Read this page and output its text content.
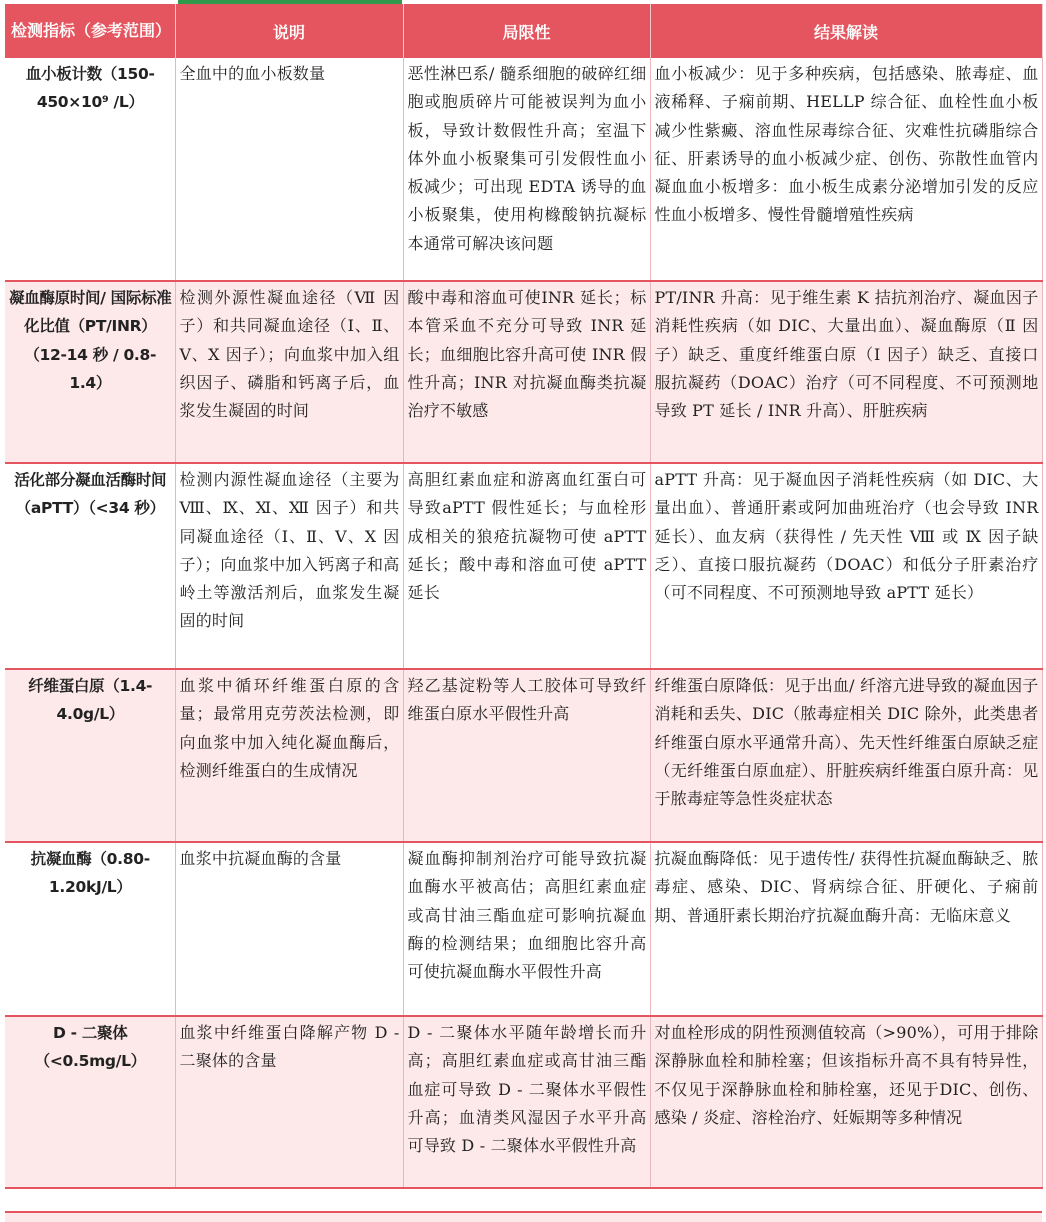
检测指标（参考范围）	说明	局限性	结果解读
血小板计数（150-450×10⁹ /L）	全血中的血小板数量	恶性淋巴系/ 髓系细胞的破碎红细胞或胞质碎片可能被误判为血小板，导致计数假性升高；室温下体外血小板聚集可引发假性血小板减少；可出现 EDTA 诱导的血小板聚集，使用枸橼酸钠抗凝标本通常可解决该问题	血小板减少：见于多种疾病，包括感染、脓毒症、血液稀释、子痫前期、HELLP 综合征、血栓性血小板减少性紫癜、溶血性尿毒综合征、灾难性抗磷脂综合征、肝素诱导的血小板减少症、创伤、弥散性血管内凝血血小板增多：血小板生成素分泌增加引发的反应性血小板增多、慢性骨髓增殖性疾病
凝血酶原时间/ 国际标准化比值（PT/INR）（12-14 秒 / 0.8-1.4）	检测外源性凝血途径（Ⅶ 因子）和共同凝血途径（Ⅰ、Ⅱ、Ⅴ、Ⅹ 因子）；向血浆中加入组织因子、磷脂和钙离子后，血浆发生凝固的时间	酸中毒和溶血可使INR 延长；标本管采血不充分可导致 INR 延长；血细胞比容升高可使 INR 假性升高；INR 对抗凝血酶类抗凝治疗不敏感	PT/INR 升高：见于维生素 K 拮抗剂治疗、凝血因子消耗性疾病（如 DIC、大量出血）、凝血酶原（Ⅱ 因子）缺乏、重度纤维蛋白原（Ⅰ 因子）缺乏、直接口服抗凝药（DOAC）治疗（可不同程度、不可预测地导致 PT 延长 / INR 升高）、肝脏疾病
活化部分凝血活酶时间（aPTT）（<34 秒）	检测内源性凝血途径（主要为 Ⅷ、Ⅸ、Ⅺ、Ⅻ 因子）和共同凝血途径（Ⅰ、Ⅱ、Ⅴ、Ⅹ 因子）；向血浆中加入钙离子和高岭土等激活剂后，血浆发生凝固的时间	高胆红素血症和游离血红蛋白可导致aPTT 假性延长；与血栓形成相关的狼疮抗凝物可使 aPTT 延长；酸中毒和溶血可使 aPTT 延长	aPTT 升高：见于凝血因子消耗性疾病（如 DIC、大量出血）、普通肝素或阿加曲班治疗（也会导致 INR 延长）、血友病（获得性 / 先天性 Ⅷ 或 Ⅸ 因子缺乏）、直接口服抗凝药（DOAC）和低分子肝素治疗（可不同程度、不可预测地导致 aPTT 延长）
纤维蛋白原（1.4-4.0g/L）	血浆中循环纤维蛋白原的含量；最常用克劳茨法检测，即向血浆中加入纯化凝血酶后，检测纤维蛋白的生成情况	羟乙基淀粉等人工胶体可导致纤维蛋白原水平假性升高	纤维蛋白原降低：见于出血/ 纤溶亢进导致的凝血因子消耗和丢失、DIC（脓毒症相关 DIC 除外，此类患者纤维蛋白原水平通常升高）、先天性纤维蛋白原缺乏症（无纤维蛋白原血症）、肝脏疾病纤维蛋白原升高：见于脓毒症等急性炎症状态
抗凝血酶（0.80-1.20kJ/L）	血浆中抗凝血酶的含量	凝血酶抑制剂治疗可能导致抗凝血酶水平被高估；高胆红素血症或高甘油三酯血症可影响抗凝血酶的检测结果；血细胞比容升高可使抗凝血酶水平假性升高	抗凝血酶降低：见于遗传性/ 获得性抗凝血酶缺乏、脓毒症、感染、DIC、肾病综合征、肝硬化、子痫前期、普通肝素长期治疗抗凝血酶升高：无临床意义
D - 二聚体（<0.5mg/L）	血浆中纤维蛋白降解产物 D - 二聚体的含量	D - 二聚体水平随年龄增长而升高；高胆红素血症或高甘油三酯血症可导致 D - 二聚体水平假性升高；血清类风湿因子水平升高可导致 D - 二聚体水平假性升高	对血栓形成的阴性预测值较高（>90%），可用于排除深静脉血栓和肺栓塞；但该指标升高不具有特异性，不仅见于深静脉血栓和肺栓塞，还见于DIC、创伤、感染 / 炎症、溶栓治疗、妊娠期等多种情况
